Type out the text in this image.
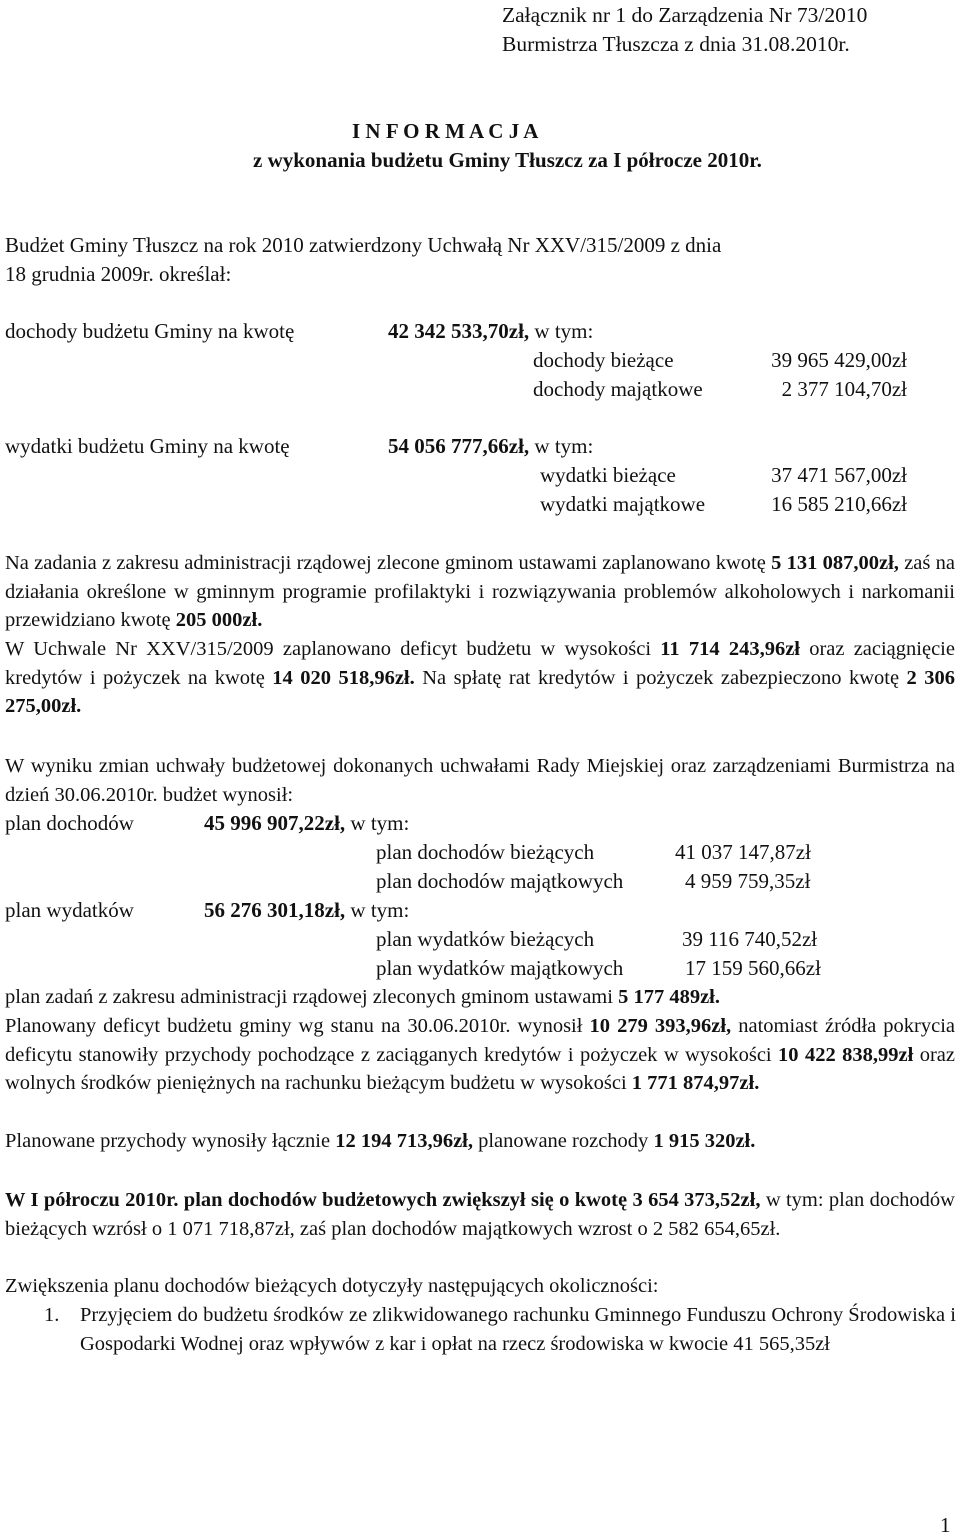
Załącznik nr 1 do Zarządzenia Nr 73/2010
Burmistrza Tłuszcza z dnia 31.08.2010r.
I N F O R M A C J A
z wykonania budżetu Gminy Tłuszcz za I półrocze 2010r.
Budżet Gminy Tłuszcz na rok 2010 zatwierdzony Uchwałą Nr XXV/315/2009 z dnia
18 grudnia 2009r. określał:
dochody budżetu Gminy na kwotę	42 342 533,70zł, w tym:
dochody bieżące	39 965 429,00zł
dochody majątkowe	2 377 104,70zł
wydatki budżetu Gminy na kwotę	54 056 777,66zł, w tym:
wydatki bieżące	37 471 567,00zł
wydatki majątkowe	16 585 210,66zł
Na zadania z zakresu administracji rządowej zlecone gminom ustawami zaplanowano kwotę 5 131 087,00zł, zaś na działania określone w gminnym programie profilaktyki i rozwiązywania problemów alkoholowych i narkomanii przewidziano kwotę 205 000zł.
W Uchwale Nr XXV/315/2009 zaplanowano deficyt budżetu w wysokości 11 714 243,96zł oraz zaciągnięcie kredytów i pożyczek na kwotę 14 020 518,96zł. Na spłatę rat kredytów i pożyczek zabezpieczono kwotę 2 306 275,00zł.
W wyniku zmian uchwały budżetowej dokonanych uchwałami Rady Miejskiej oraz zarządzeniami Burmistrza na dzień 30.06.2010r. budżet wynosił:
plan dochodów	45 996 907,22zł, w tym:
plan dochodów bieżących	41 037 147,87zł
plan dochodów majątkowych	4 959 759,35zł
plan wydatków	56 276 301,18zł, w tym:
plan wydatków bieżących	39 116 740,52zł
plan wydatków majątkowych	17 159 560,66zł
plan zadań z zakresu administracji rządowej zleconych gminom ustawami 5 177 489zł.
Planowany deficyt budżetu gminy wg stanu na 30.06.2010r. wynosił 10 279 393,96zł, natomiast źródła pokrycia deficytu stanowiły przychody pochodzące z zaciąganych kredytów i pożyczek w wysokości 10 422 838,99zł oraz wolnych środków pieniężnych na rachunku bieżącym budżetu w wysokości 1 771 874,97zł.
Planowane przychody wynosiły łącznie 12 194 713,96zł, planowane rozchody 1 915 320zł.
W I półroczu 2010r. plan dochodów budżetowych zwiększył się o kwotę 3 654 373,52zł, w tym: plan dochodów bieżących wzrósł o 1 071 718,87zł, zaś plan dochodów majątkowych wzrost o 2 582 654,65zł.
Zwiększenia planu dochodów bieżących dotyczyły następujących okoliczności:
1. Przyjęciem do budżetu środków ze zlikwidowanego rachunku Gminnego Funduszu Ochrony Środowiska i Gospodarki Wodnej oraz wpływów z kar i opłat na rzecz środowiska w kwocie 41 565,35zł
1
